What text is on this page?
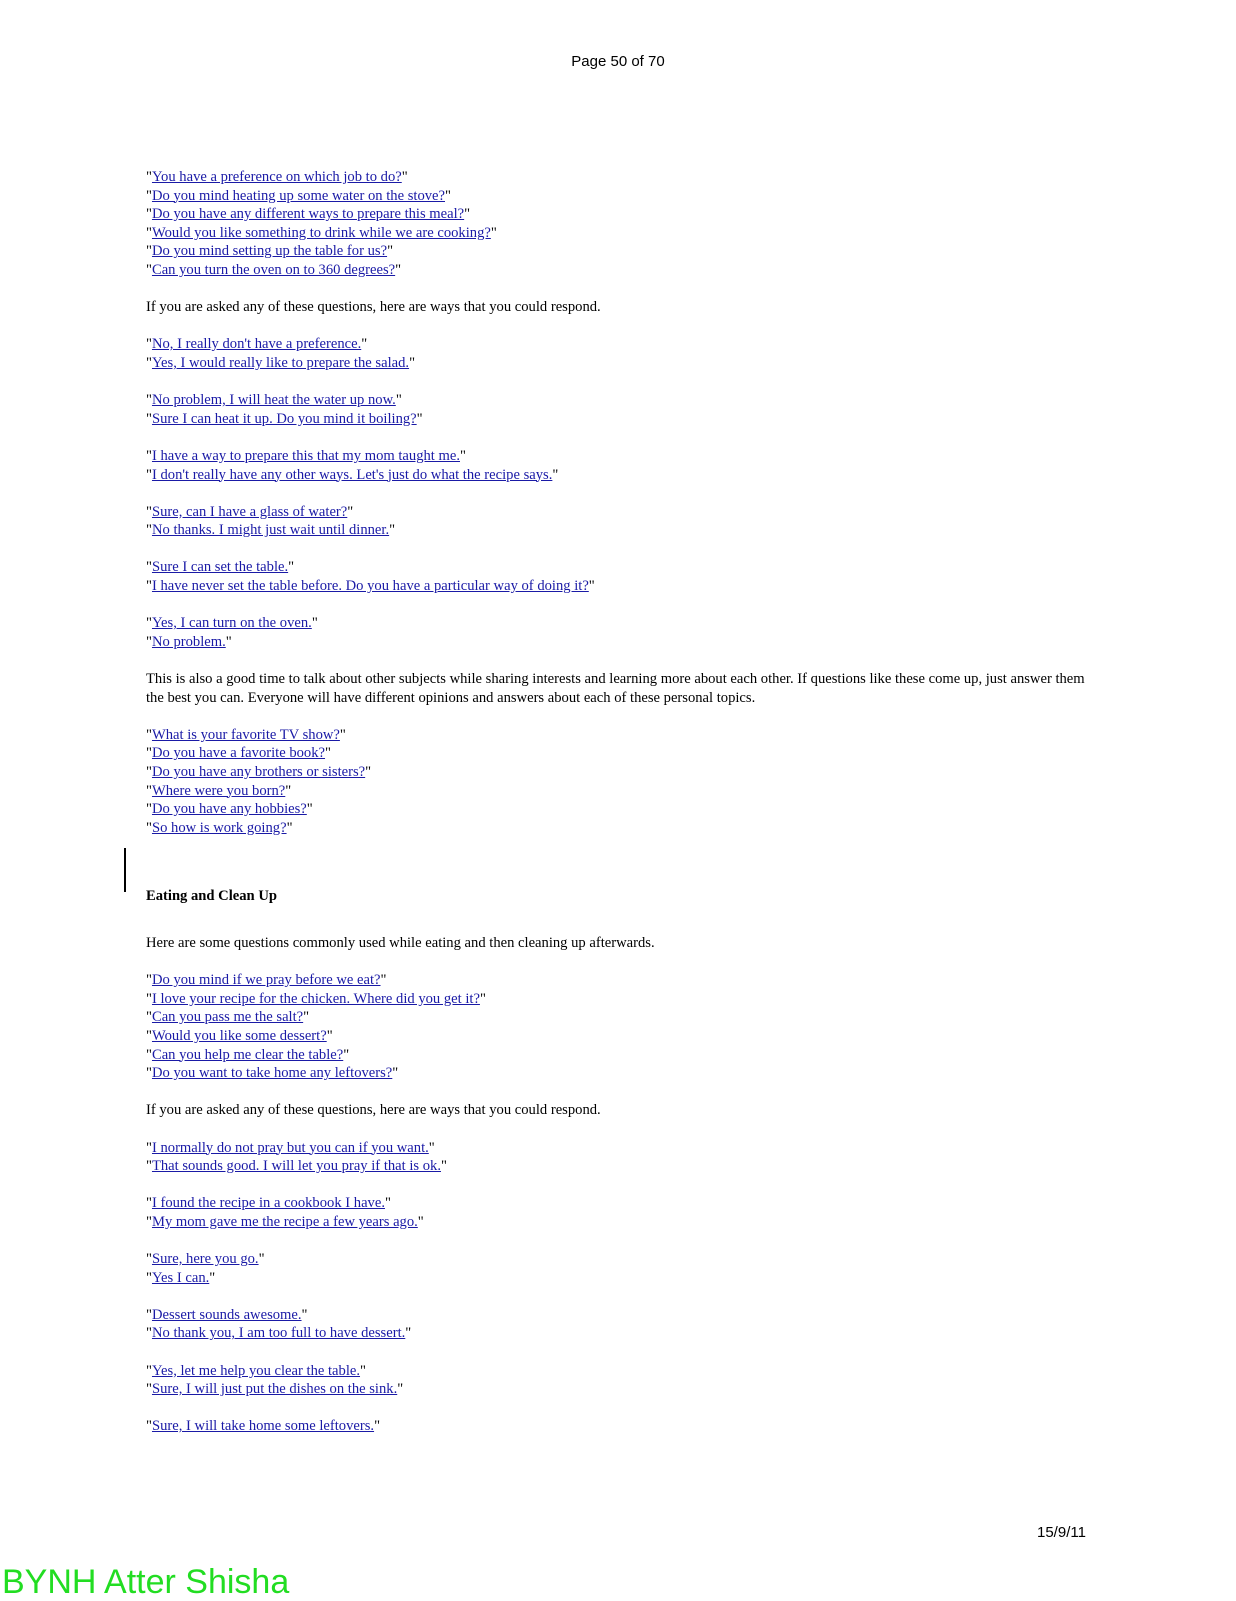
Page 50 of 70
"You have a preference on which job to do?"
"Do you mind heating up some water on the stove?"
"Do you have any different ways to prepare this meal?"
"Would you like something to drink while we are cooking?"
"Do you mind setting up the table for us?"
"Can you turn the oven on to 360 degrees?"
If you are asked any of these questions, here are ways that you could respond.
"No, I really don't have a preference."
"Yes, I would really like to prepare the salad."
"No problem, I will heat the water up now."
"Sure I can heat it up. Do you mind it boiling?"
"I have a way to prepare this that my mom taught me."
"I don't really have any other ways. Let's just do what the recipe says."
"Sure, can I have a glass of water?"
"No thanks. I might just wait until dinner."
"Sure I can set the table."
"I have never set the table before. Do you have a particular way of doing it?"
"Yes, I can turn on the oven."
"No problem."
This is also a good time to talk about other subjects while sharing interests and learning more about each other. If questions like these come up, just answer them the best you can. Everyone will have different opinions and answers about each of these personal topics.
"What is your favorite TV show?"
"Do you have a favorite book?"
"Do you have any brothers or sisters?"
"Where were you born?"
"Do you have any hobbies?"
"So how is work going?"
Eating and Clean Up
Here are some questions commonly used while eating and then cleaning up afterwards.
"Do you mind if we pray before we eat?"
"I love your recipe for the chicken. Where did you get it?"
"Can you pass me the salt?"
"Would you like some dessert?"
"Can you help me clear the table?"
"Do you want to take home any leftovers?"
If you are asked any of these questions, here are ways that you could respond.
"I normally do not pray but you can if you want."
"That sounds good. I will let you pray if that is ok."
"I found the recipe in a cookbook I have."
"My mom gave me the recipe a few years ago."
"Sure, here you go."
"Yes I can."
"Dessert sounds awesome."
"No thank you, I am too full to have dessert."
"Yes, let me help you clear the table."
"Sure, I will just put the dishes on the sink."
"Sure, I will take home some leftovers."
15/9/11
BYNH Atter Shisha
